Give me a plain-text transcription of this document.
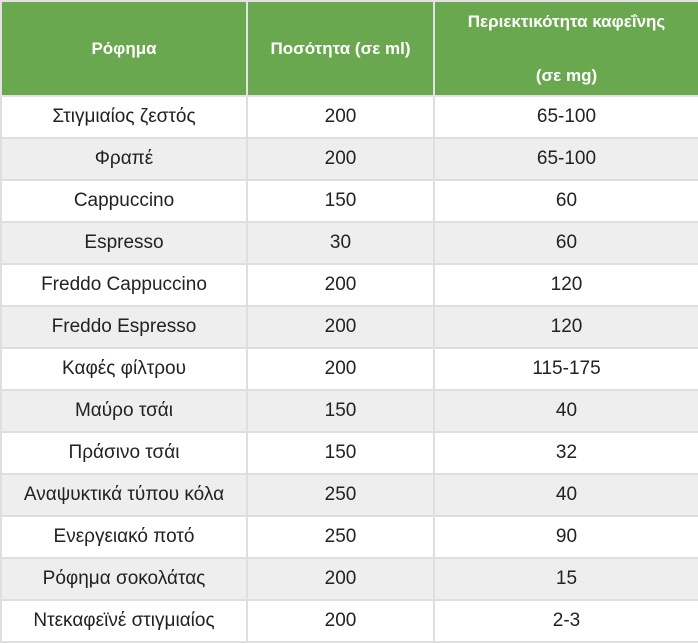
Ρόφημα	Ποσότητα (σε ml)	Περιεκτικότητα καφεΐνης
(σε mg)

Στιγμιαίος ζεστός	200	65-100
Φραπέ	200	65-100
Cappuccino	150	60
Espresso	30	60
Freddo Cappuccino	200	120
Freddo Espresso	200	120
Καφές φίλτρου	200	115-175
Μαύρο τσάι	150	40
Πράσινο τσάι	150	32
Αναψυκτικά τύπου κόλα	250	40
Ενεργειακό ποτό	250	90
Ρόφημα σοκολάτας	200	15
Ντεκαφεϊνέ στιγμιαίος	200	2-3
